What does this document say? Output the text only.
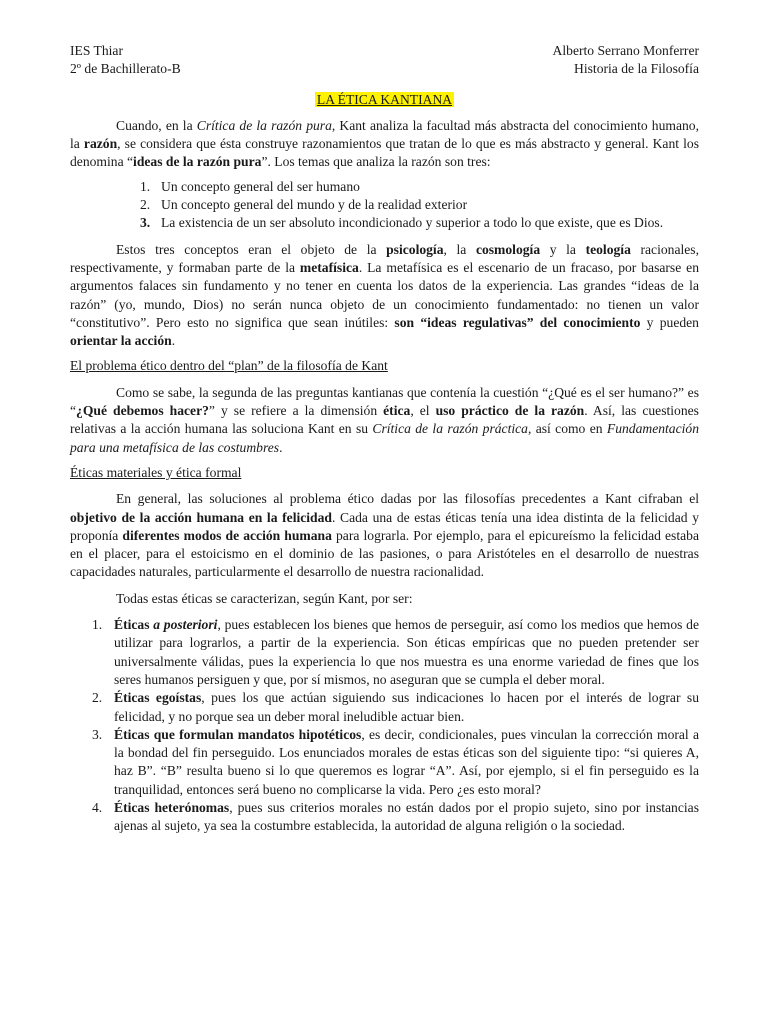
IES Thiar
2º de Bachillerato-B
Alberto Serrano Monferrer
Historia de la Filosofía
LA ÉTICA KANTIANA

Cuando, en la Crítica de la razón pura, Kant analiza la facultad más abstracta del conocimiento humano, la razón, se considera que ésta construye razonamientos que tratan de lo que es más abstracto y general. Kant los denomina “ideas de la razón pura”. Los temas que analiza la razón son tres:

1. Un concepto general del ser humano
2. Un concepto general del mundo y de la realidad exterior
3. La existencia de un ser absoluto incondicionado y superior a todo lo que existe, que es Dios.

Estos tres conceptos eran el objeto de la psicología, la cosmología y la teología racionales, respectivamente, y formaban parte de la metafísica. La metafísica es el escenario de un fracaso, por basarse en argumentos falaces sin fundamento y no tener en cuenta los datos de la experiencia. Las grandes “ideas de la razón” (yo, mundo, Dios) no serán nunca objeto de un conocimiento fundamentado: no tienen un valor “constitutivo”. Pero esto no significa que sean inútiles: son “ideas regulativas” del conocimiento y pueden orientar la acción.

El problema ético dentro del “plan” de la filosofía de Kant

Como se sabe, la segunda de las preguntas kantianas que contenía la cuestión “¿Qué es el ser humano?” es “¿Qué debemos hacer?” y se refiere a la dimensión ética, el uso práctico de la razón. Así, las cuestiones relativas a la acción humana las soluciona Kant en su Crítica de la razón práctica, así como en Fundamentación para una metafísica de las costumbres.

Éticas materiales y ética formal

En general, las soluciones al problema ético dadas por las filosofías precedentes a Kant cifraban el objetivo de la acción humana en la felicidad. Cada una de estas éticas tenía una idea distinta de la felicidad y proponía diferentes modos de acción humana para lograrla. Por ejemplo, para el epicureísmo la felicidad estaba en el placer, para el estoicismo en el dominio de las pasiones, o para Aristóteles en el desarrollo de nuestras capacidades naturales, particularmente el desarrollo de nuestra racionalidad.

Todas estas éticas se caracterizan, según Kant, por ser:

1. Éticas a posteriori, pues establecen los bienes que hemos de perseguir, así como los medios que hemos de utilizar para lograrlos, a partir de la experiencia. Son éticas empíricas que no pueden pretender ser universalmente válidas, pues la experiencia lo que nos muestra es una enorme variedad de fines que los seres humanos persiguen y que, por sí mismos, no aseguran que se cumpla el deber moral.
2. Éticas egoístas, pues los que actúan siguiendo sus indicaciones lo hacen por el interés de lograr su felicidad, y no porque sea un deber moral ineludible actuar bien.
3. Éticas que formulan mandatos hipotéticos, es decir, condicionales, pues vinculan la corrección moral a la bondad del fin perseguido. Los enunciados morales de estas éticas son del siguiente tipo: “si quieres A, haz B”. “B” resulta bueno si lo que queremos es lograr “A”. Así, por ejemplo, si el fin perseguido es la tranquilidad, entonces será bueno no complicarse la vida. Pero ¿es esto moral?
4. Éticas heterónomas, pues sus criterios morales no están dados por el propio sujeto, sino por instancias ajenas al sujeto, ya sea la costumbre establecida, la autoridad de alguna religión o la sociedad.
